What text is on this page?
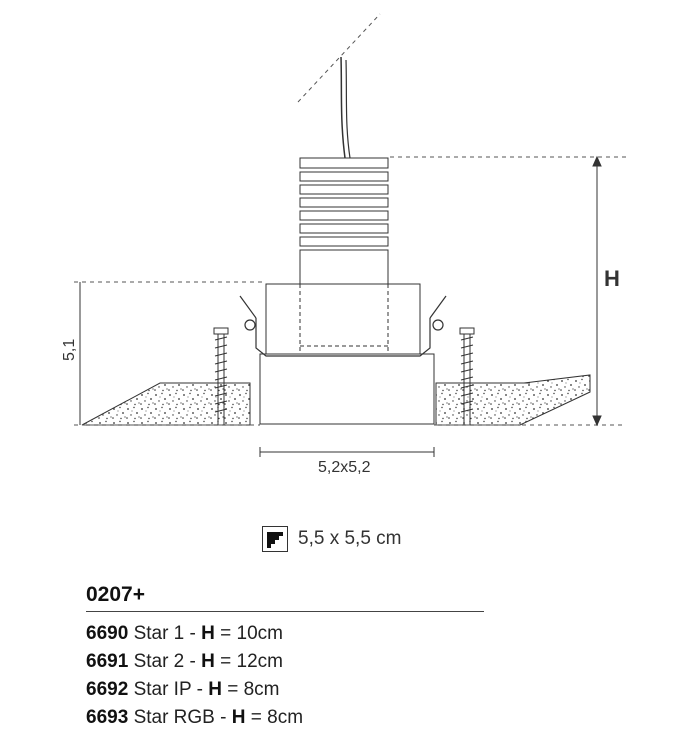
H
5,1
5,2x5,2
5,5 x 5,5 cm
0207+
6690 Star 1 - H = 10cm
6691 Star 2 - H = 12cm
6692 Star IP - H = 8cm
6693 Star RGB - H = 8cm
